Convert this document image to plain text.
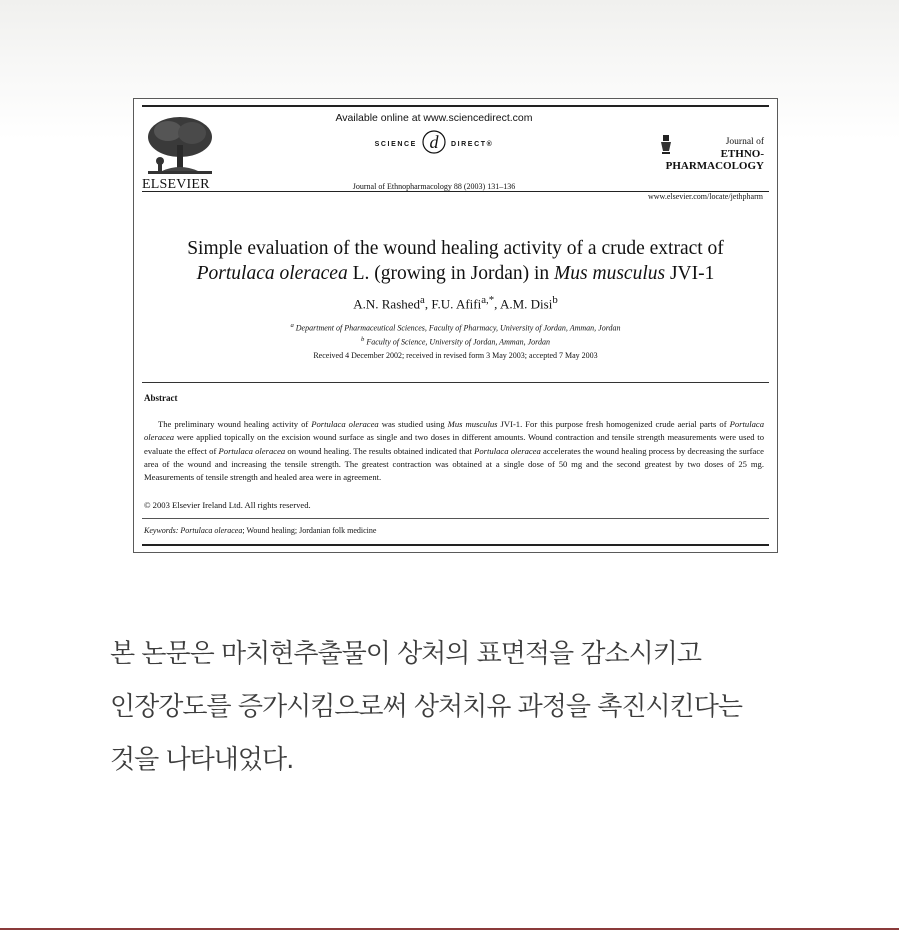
ELSEVIER
Available online at www.sciencedirect.com
SCIENCE d DIRECT®
Journal of Ethnopharmacology 88 (2003) 131–136
Journal of
ETHNO-
PHARMACOLOGY
www.elsevier.com/locate/jethpharm
Simple evaluation of the wound healing activity of a crude extract of
Portulaca oleracea L. (growing in Jordan) in Mus musculus JVI-1
A.N. Rashed$^a$, F.U. Afifi$^{a,*}$, A.M. Disi$^b$
$^a$ Department of Pharmaceutical Sciences, Faculty of Pharmacy, University of Jordan, Amman, Jordan
$^b$ Faculty of Science, University of Jordan, Amman, Jordan
Received 4 December 2002; received in revised form 3 May 2003; accepted 7 May 2003
Abstract
The preliminary wound healing activity of Portulaca oleracea was studied using Mus musculus JVI-1. For this purpose fresh homogenized crude aerial parts of Portulaca oleracea were applied topically on the excision wound surface as single and two doses in different amounts. Wound contraction and tensile strength measurements were used to evaluate the effect of Portulaca oleracea on wound healing. The results obtained indicated that Portulaca oleracea accelerates the wound healing process by decreasing the surface area of the wound and increasing the tensile strength. The greatest contraction was obtained at a single dose of 50 mg and the second greatest by two doses of 25 mg. Measurements of tensile strength and healed area were in agreement.
© 2003 Elsevier Ireland Ltd. All rights reserved.
Keywords: Portulaca oleracea; Wound healing; Jordanian folk medicine
본 논문은 마치현추출물이 상처의 표면적을 감소시키고
인장강도를 증가시킴으로써 상처치유 과정을 촉진시킨다는
것을 나타내었다.
